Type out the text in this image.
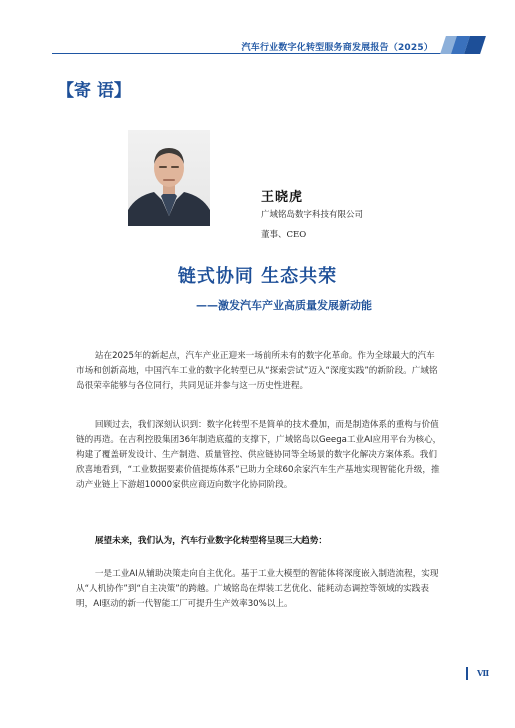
汽车行业数字化转型服务商发展报告（2025）
【寄 语】
王晓虎
广域铭岛数字科技有限公司
董事、CEO
链式协同 生态共荣
——激发汽车产业高质量发展新动能

站在2025年的新起点，汽车产业正迎来一场前所未有的数字化革命。作为全球最大的汽车市场和创新高地，中国汽车工业的数字化转型已从“探索尝试”迈入“深度实践”的新阶段。广域铭岛很荣幸能够与各位同行，共同见证并参与这一历史性进程。

回顾过去，我们深刻认识到：数字化转型不是简单的技术叠加，而是制造体系的重构与价值链的再造。在吉利控股集团36年制造底蕴的支撑下，广域铭岛以Geega工业AI应用平台为核心，构建了覆盖研发设计、生产制造、质量管控、供应链协同等全场景的数字化解决方案体系。我们欣喜地看到，“工业数据要素价值提炼体系”已助力全球60余家汽车生产基地实现智能化升级，推动产业链上下游超10000家供应商迈向数字化协同阶段。

展望未来，我们认为，汽车行业数字化转型将呈现三大趋势：

一是工业AI从辅助决策走向自主优化。基于工业大模型的智能体将深度嵌入制造流程，实现从“人机协作”到“自主决策”的跨越。广域铭岛在焊装工艺优化、能耗动态调控等领域的实践表明，AI驱动的新一代智能工厂可提升生产效率30%以上。

Ⅶ
